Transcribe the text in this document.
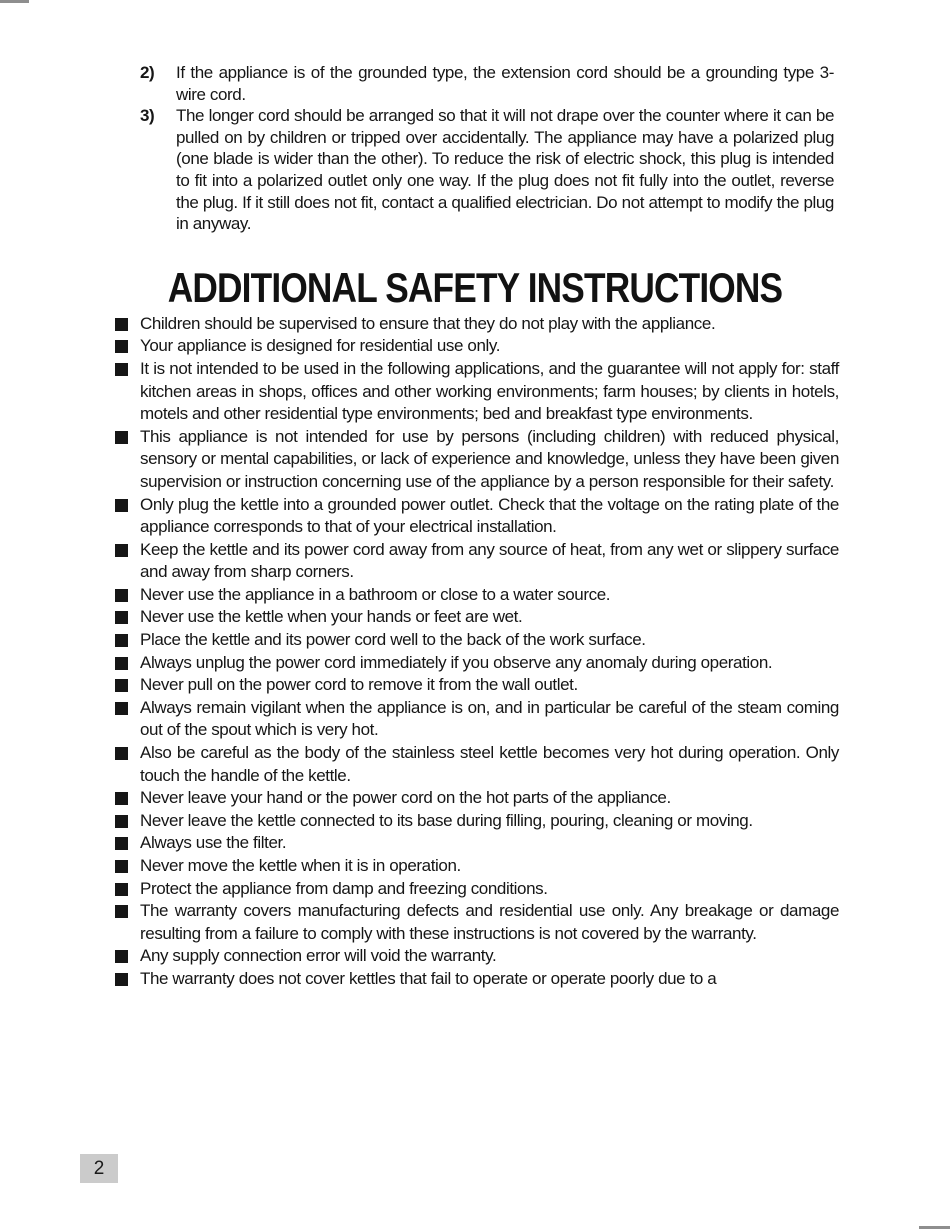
2) If the appliance is of the grounded type, the extension cord should be a grounding type 3-wire cord.
3) The longer cord should be arranged so that it will not drape over the counter where it can be pulled on by children or tripped over accidentally. The appliance may have a polarized plug (one blade is wider than the other). To reduce the risk of electric shock, this plug is intended to fit into a polarized outlet only one way. If the plug does not fit fully into the outlet, reverse the plug. If it still does not fit, contact a qualified electrician. Do not attempt to modify the plug in anyway.
ADDITIONAL SAFETY INSTRUCTIONS
Children should be supervised to ensure that they do not play with the appliance.
Your appliance is designed for residential use only.
It is not intended to be used in the following applications, and the guarantee will not apply for: staff kitchen areas in shops, offices and other working environments; farm houses; by clients in hotels, motels and other residential type environments; bed and breakfast type environments.
This appliance is not intended for use by persons (including children) with reduced physical, sensory or mental capabilities, or lack of experience and knowledge, unless they have been given supervision or instruction concerning use of the appliance by a person responsible for their safety.
Only plug the kettle into a grounded power outlet. Check that the voltage on the rating plate of the appliance corresponds to that of your electrical installation.
Keep the kettle and its power cord away from any source of heat, from any wet or slippery surface and away from sharp corners.
Never use the appliance in a bathroom or close to a water source.
Never use the kettle when your hands or feet are wet.
Place the kettle and its power cord well to the back of the work surface.
Always unplug the power cord immediately if you observe any anomaly during operation.
Never pull on the power cord to remove it from the wall outlet.
Always remain vigilant when the appliance is on, and in particular be careful of the steam coming out of the spout which is very hot.
Also be careful as the body of the stainless steel kettle becomes very hot during operation. Only touch the handle of the kettle.
Never leave your hand or the power cord on the hot parts of the appliance.
Never leave the kettle connected to its base during filling, pouring, cleaning or moving.
Always use the filter.
Never move the kettle when it is in operation.
Protect the appliance from damp and freezing conditions.
The warranty covers manufacturing defects and residential use only. Any breakage or damage resulting from a failure to comply with these instructions is not covered by the warranty.
Any supply connection error will void the warranty.
The warranty does not cover kettles that fail to operate or operate poorly due to a
2
